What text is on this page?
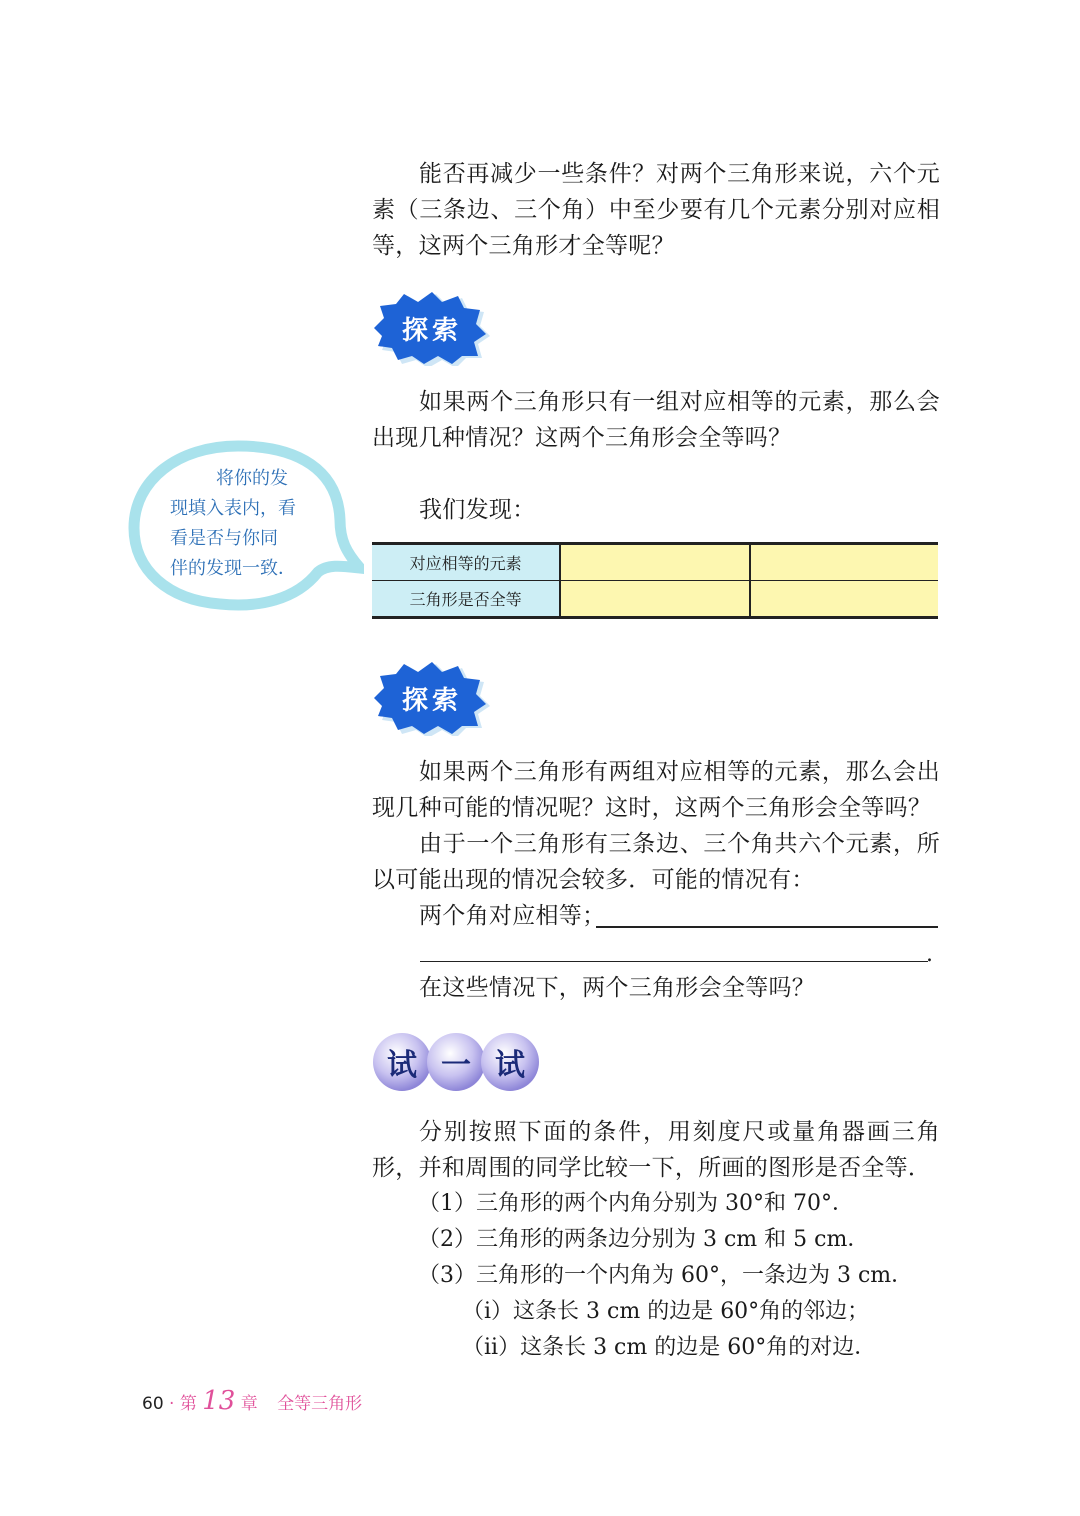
能否再减少一些条件？对两个三角形来说，六个元素（三条边、三个角）中至少要有几个元素分别对应相等，这两个三角形才全等呢？

探索

如果两个三角形只有一组对应相等的元素，那么会出现几种情况？这两个三角形会全等吗？

将你的发
现填入表内，看
看是否与你同
伴的发现一致．

我们发现：

对应相等的元素		
三角形是否全等		
探索

如果两个三角形有两组对应相等的元素，那么会出现几种可能的情况呢？这时，这两个三角形会全等吗？

由于一个三角形有三条边、三个角共六个元素，所以可能出现的情况会较多．可能的情况有：

两个角对应相等；

.

在这些情况下，两个三角形会全等吗？

试 一 试

分别按照下面的条件，用刻度尺或量角器画三角形，并和周围的同学比较一下，所画的图形是否全等．

（1）三角形的两个内角分别为 30°和 70°．

（2）三角形的两条边分别为 3 cm 和 5 cm．

（3）三角形的一个内角为 60°，一条边为 3 cm．

（i）这条长 3 cm 的边是 60°角的邻边；

（ii）这条长 3 cm 的边是 60°角的对边．

60 · 第 13 章 全等三角形
